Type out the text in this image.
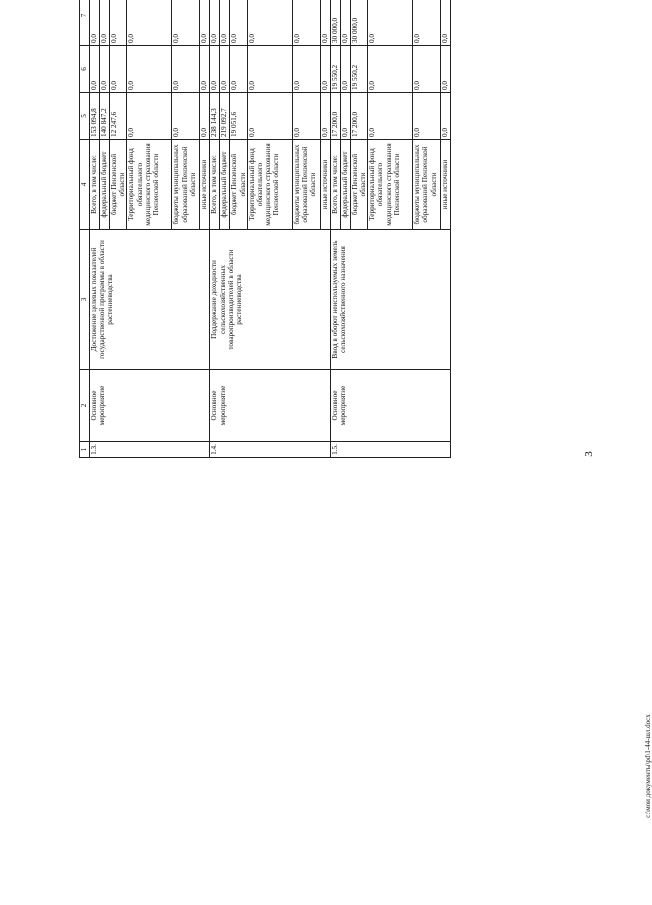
3
c:\мои документы\pd\1-44-шл.docx
1	2	3	4	5	6	7						
1.3.	Основное мероприятие	Достижение целевых показателей государственной программы в области растениеводства	Всего, в том числе:	153 094,8	0,0	0,0						
			федеральный бюджет	140 847,2	0,0	0,0						
			бюджет Пензенской области	12 247,6	0,0	0,0						
			Территориальный фонд обязательного медицинского страхования Пензенской области	0,0	0,0	0,0						
			бюджеты муниципальных образований Пензенской области	0,0	0,0	0,0						
			иные источники	0,0	0,0	0,0						
1.4.	Основное мероприятие	Поддержание доходности сельскохозяйственных товаропроизводителей в области растениеводства	Всего, в том числе:	238 144,3	0,0	0,0						
			федеральный бюджет	219 092,7	0,0	0,0						
			бюджет Пензенской области	19 051,6	0,0	0,0						
			Территориальный фонд обязательного медицинского страхования Пензенской области	0,0	0,0	0,0						
			бюджеты муниципальных образований Пензенской области	0,0	0,0	0,0						
			иные источники	0,0	0,0	0,0						
1.5.	Основное мероприятие	Ввод в оборот неиспользуемых земель сельскохозяйственного назначения	Всего, в том числе:	17 200,0	19 550,2	30 000,0						
			федеральный бюджет	0,0	0,0	0,0						
			бюджет Пензенской области	17 200,0	19 550,2	30 000,0						
			Территориальный фонд обязательного медицинского страхования Пензенской области	0,0	0,0	0,0						
			бюджеты муниципальных образований Пензенской области	0,0	0,0	0,0						
			иные источники	0,0	0,0	0,0						
